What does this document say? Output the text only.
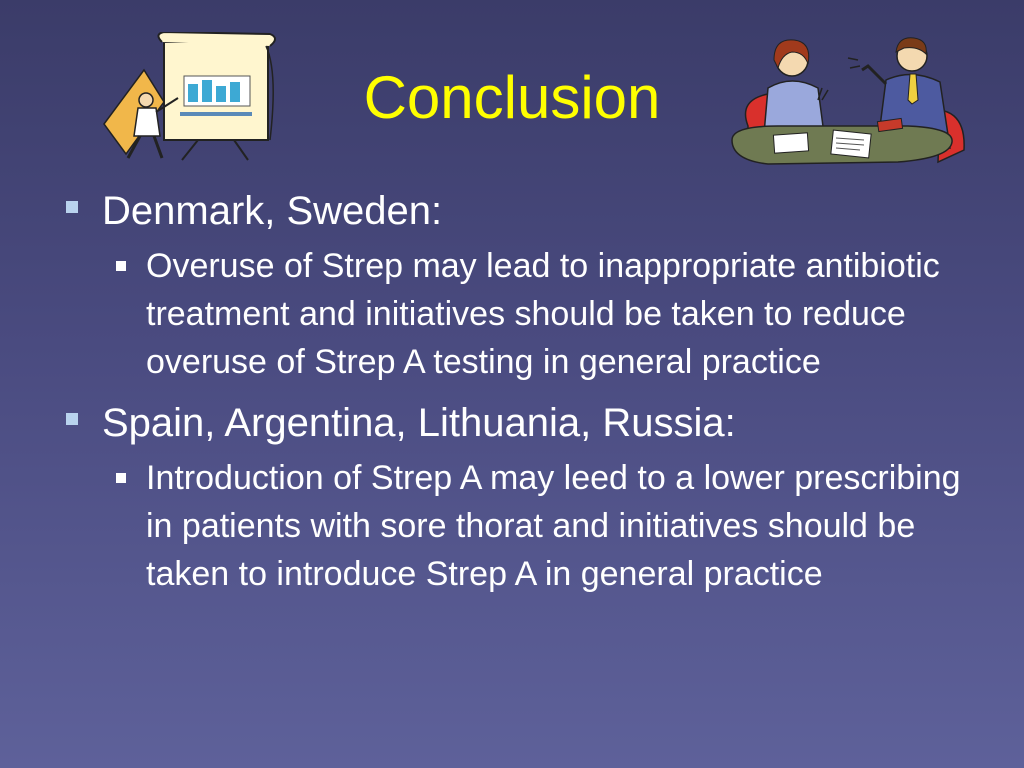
Conclusion
Denmark, Sweden:
Overuse of Strep may lead to inappropriate antibiotic treatment and initiatives should be taken to reduce overuse of Strep A testing in general practice
Spain, Argentina, Lithuania, Russia:
Introduction of Strep A may leed to a lower prescribing in patients with sore thorat and initiatives should be taken to introduce Strep A in general practice
